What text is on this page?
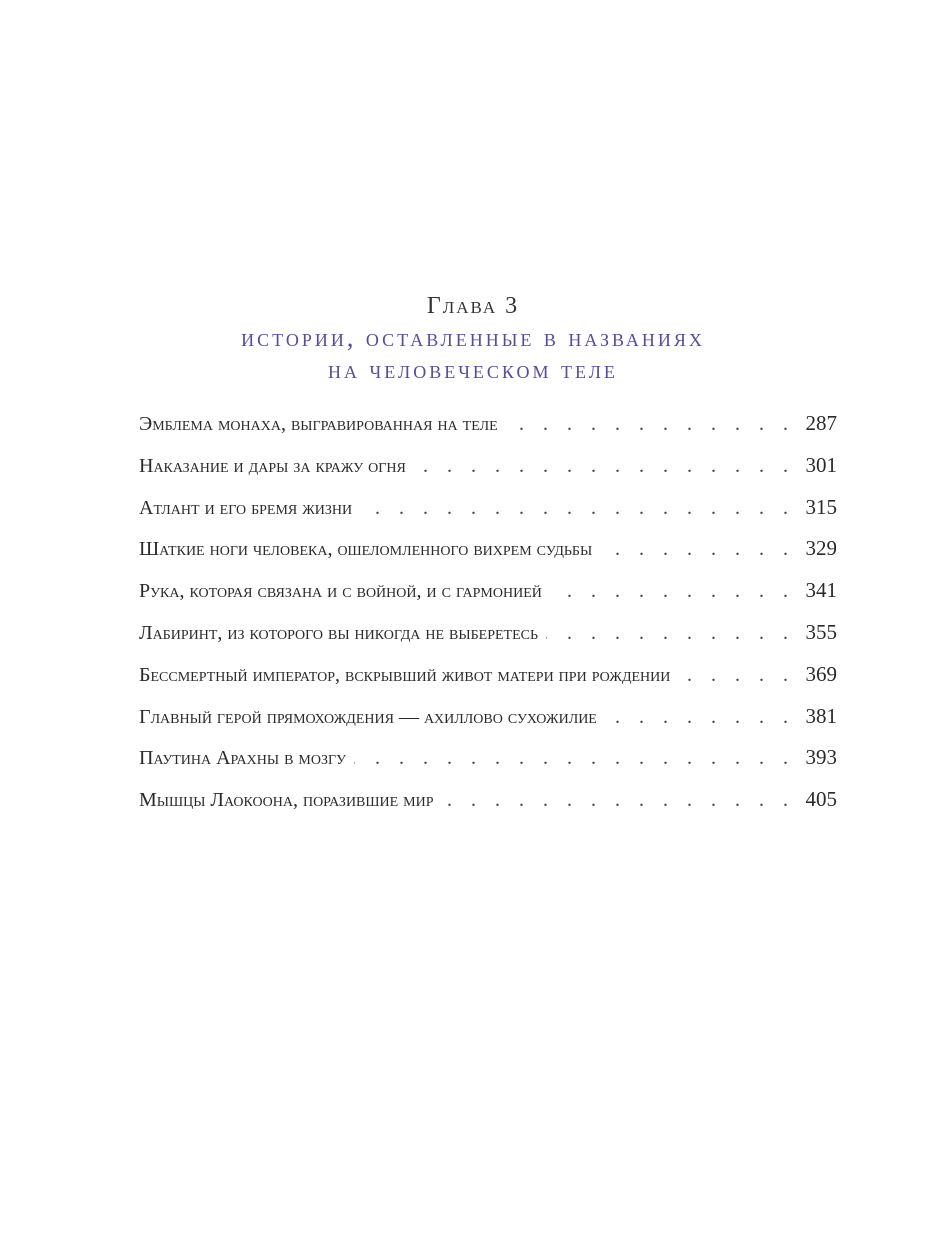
Глава 3
истории, оставленные в названиях
на человеческом теле
Эмблема монаха, выгравированная на теле . . .	287
Наказание и дары за кражу огня . . .	301
Атлант и его бремя жизни . . .	315
Шаткие ноги человека, ошеломленного вихрем судьбы . . .	329
Рука, которая связана и с войной, и с гармонией . . .	341
Лабиринт, из которого вы никогда не выберетесь . . .	355
Бессмертный император, вскрывший живот матери при рождении . . .	369
Главный герой прямохождения — ахиллово сухожилие . . .	381
Паутина Арахны в мозгу . . .	393
Мышцы Лаокоона, поразившие мир . . .	405
